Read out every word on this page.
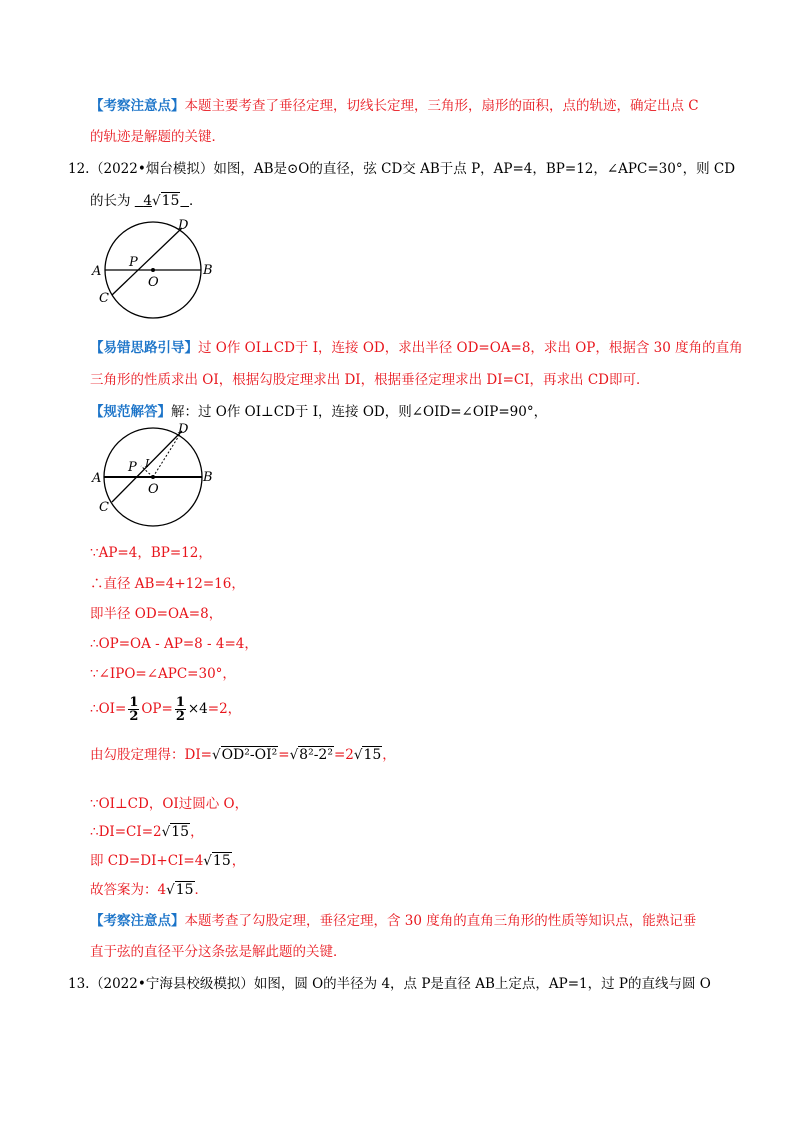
【考察注意点】本题主要考查了垂径定理，切线长定理，三角形，扇形的面积，点的轨迹，确定出点 C
的轨迹是解题的关键．
12. （2022•烟台模拟）如图，AB是⊙O的直径，弦 CD交 AB于点 P，AP=4，BP=12，∠APC=30°，则 CD
的长为 4√15 ．
A	B
C
D
P
O
【易错思路引导】过 O作 OI⊥CD于 I，连接 OD，求出半径 OD=OA=8，求出 OP，根据含 30 度角的直角
三角形的性质求出 OI，根据勾股定理求出 DI，根据垂径定理求出 DI=CI，再求出 CD即可．
【规范解答】解：过 O作 OI⊥CD于 I，连接 OD，则∠OID=∠OIP=90°，
A	B
C
D
P I
O
∵AP=4，BP=12，
∴直径 AB=4+12=16，
即半径 OD=OA=8，
∴OP=OA - AP=8 - 4=4，
∵∠IPO=∠APC=30°，
∴OI= $\frac{1}{2} OP= \frac{1}{2} \times 4=2$，
由勾股定理得：DI=√OD²-OI²=√8²-2²=2√15，
∵OI⊥CD，OI过圆心 O，
∴DI=CI=2√15，
即 CD=DI+CI=4√15，
故答案为：4√15．
【考察注意点】本题考查了勾股定理，垂径定理，含 30 度角的直角三角形的性质等知识点，能熟记垂
直于弦的直径平分这条弦是解此题的关键．
13. （2022•宁海县校级模拟）如图，圆 O的半径为 4，点 P是直径 AB上定点，AP=1，过 P的直线与圆 O
